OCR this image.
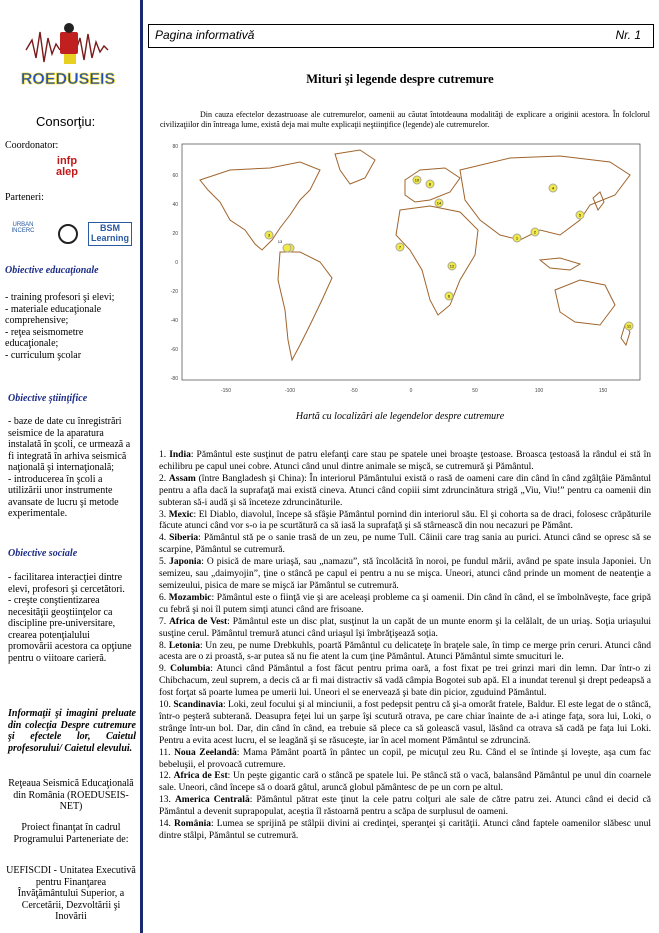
ROEDUSEIS
Consorţiu:
Coordonator:
infp
alep
Parteneri:
URBAN INCERC	BSM Learning
Obiective educaţionale
- training profesori şi elevi;
- materiale educaţionale comprehensive;
- reţea seismometre educaţionale;
- curriculum şcolar
Obiective ştiinţifice
- baze de date cu înregistrări seismice de la aparatura instalată în şcoli, ce urmează a fi integrată în arhiva seismică naţională şi internaţională;
- introducerea în şcoli a utilizării unor instrumente avansate de lucru şi metode experimentale.
Obiective sociale
- facilitarea interacţiei dintre elevi, profesori şi cercetători.
- creşte conştientizarea necesităţii geoştiinţelor ca discipline pre-universitare, crearea potenţialului promovării acestora ca opţiune pentru o viitoare carieră.
Informaţii şi imagini preluate din colecţia Despre cutremure şi efectele lor, Caietul profesorului/ Caietul elevului.
Reţeaua Seismică Educaţională din România (ROEDUSEIS-NET)
Proiect finanţat în cadrul Programului Parteneriate de:
UEFISCDI - Unitatea Executivă pentru Finanţarea Învăţământului Superior, a Cercetării, Dezvoltării şi Inovării
Pagina informativă	Nr. 1
Mituri şi legende despre cutremure
Din cauza efectelor dezastruoase ale cutremurelor, oamenii au căutat întotdeauna modalităţi de explicare a originii acestora. În folclorul civilizaţiilor din întreaga lume, există deja mai multe explicaţii neştiinţifice (legende) ale cutremurelor.
80
60
40
20
0
-20
-40
-60
-80
-150	-100	-50	0	50	100	150
1
2
3
4
5
6
7
8
10
11
12
13
14
Hartă cu localizări ale legendelor despre cutremure

1. India: Pământul este susţinut de patru elefanţi care stau pe spatele unei broaşte ţestoase. Broasca ţestoasă la rândul ei stă în echilibru pe capul unei cobre. Atunci când unul dintre animale se mişcă, se cutremură şi Pământul.

2. Assam (între Bangladesh şi China): În interiorul Pământului există o rasă de oameni care din când în când zgâlţâie Pământul pentru a afla dacă la suprafaţă mai există cineva. Atunci când copiii simt zdruncinătura strigă „Viu, Viu!” pentru ca oamenii din subteran să-i audă şi să înceteze zdruncinăturile.

3. Mexic: El Diablo, diavolul, începe să sfâşie Pământul pornind din interiorul său. El şi cohorta sa de draci, folosesc crăpăturile făcute atunci când vor s-o ia pe scurtătură ca să iasă la suprafaţă şi să stârnească din nou necazuri pe Pământ.

4. Siberia: Pământul stă pe o sanie trasă de un zeu, pe nume Tull. Câinii care trag sania au purici. Atunci când se opresc să se scarpine, Pământul se cutremură.

5. Japonia: O pisică de mare uriaşă, sau „namazu”, stă încolăcită în noroi, pe fundul mării, având pe spate insula Japoniei. Un semizeu, sau „daimyojin”, ţine o stâncă pe capul ei pentru a nu se mişca. Uneori, atunci când prinde un moment de neatenţie a semizeului, pisica de mare se mişcă iar Pământul se cutremură.

6. Mozambic: Pământul este o fiinţă vie şi are aceleaşi probleme ca şi oamenii. Din când în când, el se îmbolnăveşte, face gripă cu febră şi noi îl putem simţi atunci când are frisoane.

7. Africa de Vest: Pământul este un disc plat, susţinut la un capăt de un munte enorm şi la celălalt, de un uriaş. Soţia uriaşului susţine cerul. Pământul tremură atunci când uriaşul îşi îmbrăţişează soţia.

8. Letonia: Un zeu, pe nume Drebkuhls, poartă Pământul cu delicateţe în braţele sale, în timp ce merge prin ceruri. Atunci când acesta are o zi proastă, s-ar putea să nu fie atent la cum ţine Pământul. Atunci Pământul simte smucituri le.

9. Columbia: Atunci când Pământul a fost făcut pentru prima oară, a fost fixat pe trei grinzi mari din lemn. Dar într-o zi Chibchacum, zeul suprem, a decis că ar fi mai distractiv să vadă câmpia Bogotei sub apă. El a inundat terenul şi drept pedeapsă a fost forţat să poarte lumea pe umerii lui. Uneori el se enervează şi bate din picior, zguduind Pământul.

10. Scandinavia: Loki, zeul focului şi al minciunii, a fost pedepsit pentru că şi-a omorât fratele, Baldur. El este legat de o stâncă, într-o peşteră subterană. Deasupra feţei lui un şarpe îşi scutură otrava, pe care chiar înainte de a-i atinge faţa, sora lui, Loki, o strânge într-un bol. Dar, din când în când, ea trebuie să plece ca să golească vasul, lăsând ca otrava să cadă pe faţa lui Loki. Pentru a evita acest lucru, el se leagănă şi se răsuceşte, iar în acel moment Pământul se zdruncină.

11. Noua Zeelandă: Mama Pământ poartă în pântec un copil, pe micuţul zeu Ru. Când el se întinde şi loveşte, aşa cum fac bebeluşii, el provoacă cutremure.

12. Africa de Est: Un peşte gigantic cară o stâncă pe spatele lui. Pe stâncă stă o vacă, balansând Pământul pe unul din coarnele sale. Uneori, când începe să o doară gâtul, aruncă globul pământesc de pe un corn pe altul.

13. America Centrală: Pământul pătrat este ţinut la cele patru colţuri ale sale de către patru zei. Atunci când ei decid că Pământul a devenit suprapopulat, aceştia îl răstoarnă pentru a scăpa de surplusul de oameni.

14. România: Lumea se sprijină pe stâlpii divini ai credinţei, speranţei şi carităţii. Atunci când faptele oamenilor slăbesc unul dintre stâlpi, Pământul se cutremură.
